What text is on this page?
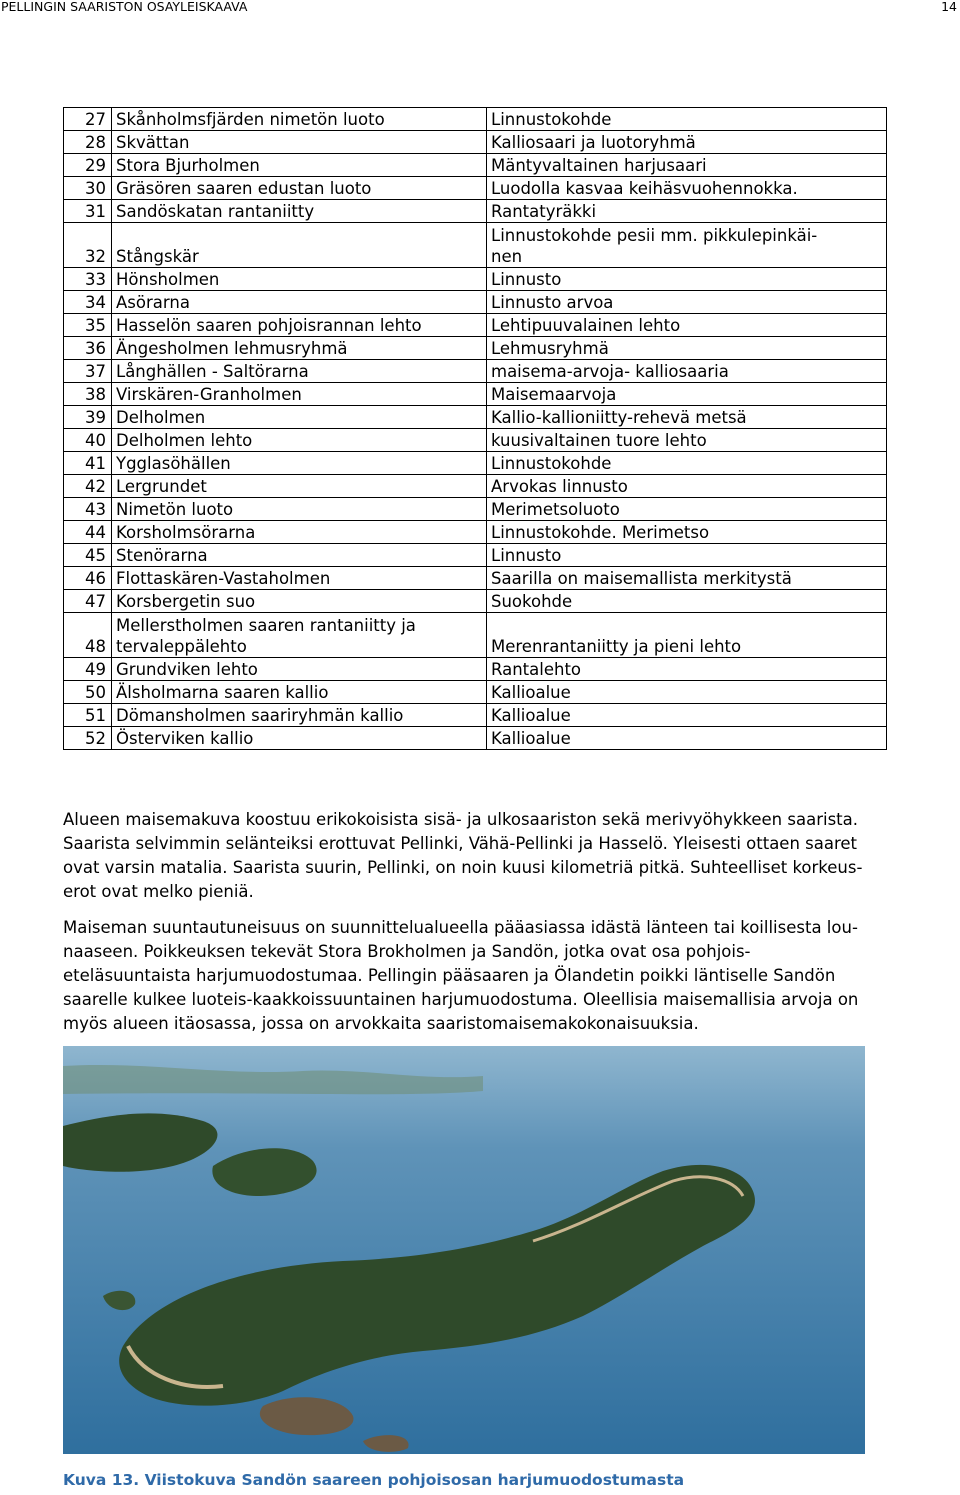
PELLINGIN SAARISTON OSAYLEISKAAVA	14
27	Skånholmsfjärden nimetön luoto	Linnustokohde
28	Skvättan	Kalliosaari ja luotoryhmä
29	Stora Bjurholmen	Mäntyvaltainen harjusaari
30	Gräsören saaren edustan luoto	Luodolla kasvaa keihäsvuohennokka.
31	Sandöskatan rantaniitty	Rantatyräkki
32	Stångskär	Linnustokohde pesii mm. pikkulepinkäi-
nen

33	Hönsholmen	Linnusto
34	Asörarna	Linnusto arvoa
35	Hasselön saaren pohjoisrannan lehto	Lehtipuuvalainen lehto
36	Ängesholmen lehmusryhmä	Lehmusryhmä
37	Långhällen - Saltörarna	maisema-arvoja- kalliosaaria
38	Virskären-Granholmen	Maisemaarvoja
39	Delholmen	Kallio-kallioniitty-rehevä metsä
40	Delholmen lehto	kuusivaltainen tuore lehto
41	Ygglasöhällen	Linnustokohde
42	Lergrundet	Arvokas linnusto
43	Nimetön luoto	Merimetsoluoto
44	Korsholmsörarna	Linnustokohde. Merimetso
45	Stenörarna	Linnusto
46	Flottaskären-Vastaholmen	Saarilla on maisemallista merkitystä
47	Korsbergetin suo	Suokohde
48	Mellerstholmen saaren rantaniitty ja
tervaleppälehto	Merenrantaniitty ja pieni lehto
49	Grundviken lehto	Rantalehto
50	Älsholmarna saaren kallio	Kallioalue
51	Dömansholmen saariryhmän kallio	Kallioalue
52	Österviken kallio	Kallioalue
Alueen maisemakuva koostuu erikokoisista sisä- ja ulkosaariston sekä merivyöhykkeen saarista.
Saarista selvimmin selänteiksi erottuvat Pellinki, Vähä-Pellinki ja Hasselö. Yleisesti ottaen saaret
ovat varsin matalia. Saarista suurin, Pellinki, on noin kuusi kilometriä pitkä. Suhteelliset korkeus-
erot ovat melko pieniä.
Maiseman suuntautuneisuus on suunnittelualueella pääasiassa idästä länteen tai koillisesta lou-
naaseen. Poikkeuksen tekevät Stora Brokholmen ja Sandön, jotka ovat osa pohjois-
eteläsuuntaista harjumuodostumaa. Pellingin pääsaaren ja Ölandetin poikki läntiselle Sandön
saarelle kulkee luoteis-kaakkoissuuntainen harjumuodostuma. Oleellisia maisemallisia arvoja on
myös alueen itäosassa, jossa on arvokkaita saaristomaisemakokonaisuuksia.
Kuva 13. Viistokuva Sandön saareen pohjoisosan harjumuodostumasta
